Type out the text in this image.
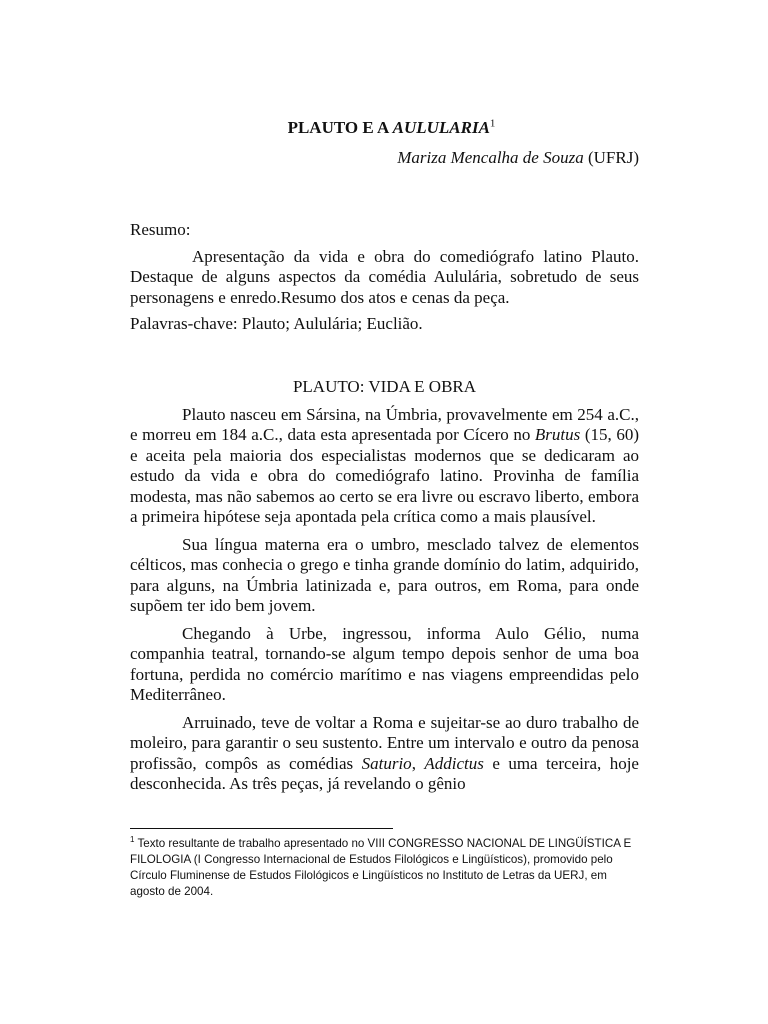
PLAUTO E A AULULARIA$^1$
Mariza Mencalha de Souza (UFRJ)

Resumo:

Apresentação da vida e obra do comediógrafo latino Plauto. Destaque de alguns aspectos da comédia Aululária, sobretudo de seus personagens e enredo.Resumo dos atos e cenas da peça.

Palavras-chave: Plauto; Aululária; Euclião.

PLAUTO: VIDA E OBRA

Plauto nasceu em Sársina, na Úmbria, provavelmente em 254 a.C., e morreu em 184 a.C., data esta apresentada por Cícero no Brutus (15, 60) e aceita pela maioria dos especialistas modernos que se dedicaram ao estudo da vida e obra do comediógrafo latino. Provinha de família modesta, mas não sabemos ao certo se era livre ou escravo liberto, embora a primeira hipótese seja apontada pela crítica como a mais plausível.

Sua língua materna era o umbro, mesclado talvez de elementos célticos, mas conhecia o grego e tinha grande domínio do latim, adquirido, para alguns, na Úmbria latinizada e, para outros, em Roma, para onde supõem ter ido bem jovem.

Chegando à Urbe, ingressou, informa Aulo Gélio, numa companhia teatral, tornando-se algum tempo depois senhor de uma boa fortuna, perdida no comércio marítimo e nas viagens empreendidas pelo Mediterrâneo.

Arruinado, teve de voltar a Roma e sujeitar-se ao duro trabalho de moleiro, para garantir o seu sustento. Entre um intervalo e outro da penosa profissão, compôs as comédias Saturio, Addictus e uma terceira, hoje desconhecida. As três peças, já revelando o gênio

$^1$ Texto resultante de trabalho apresentado no VIII CONGRESSO NACIONAL DE LINGÜÍSTICA E FILOLOGIA (I Congresso Internacional de Estudos Filológicos e Lingüísticos), promovido pelo Círculo Fluminense de Estudos Filológicos e Lingüísticos no Instituto de Letras da UERJ, em agosto de 2004.
